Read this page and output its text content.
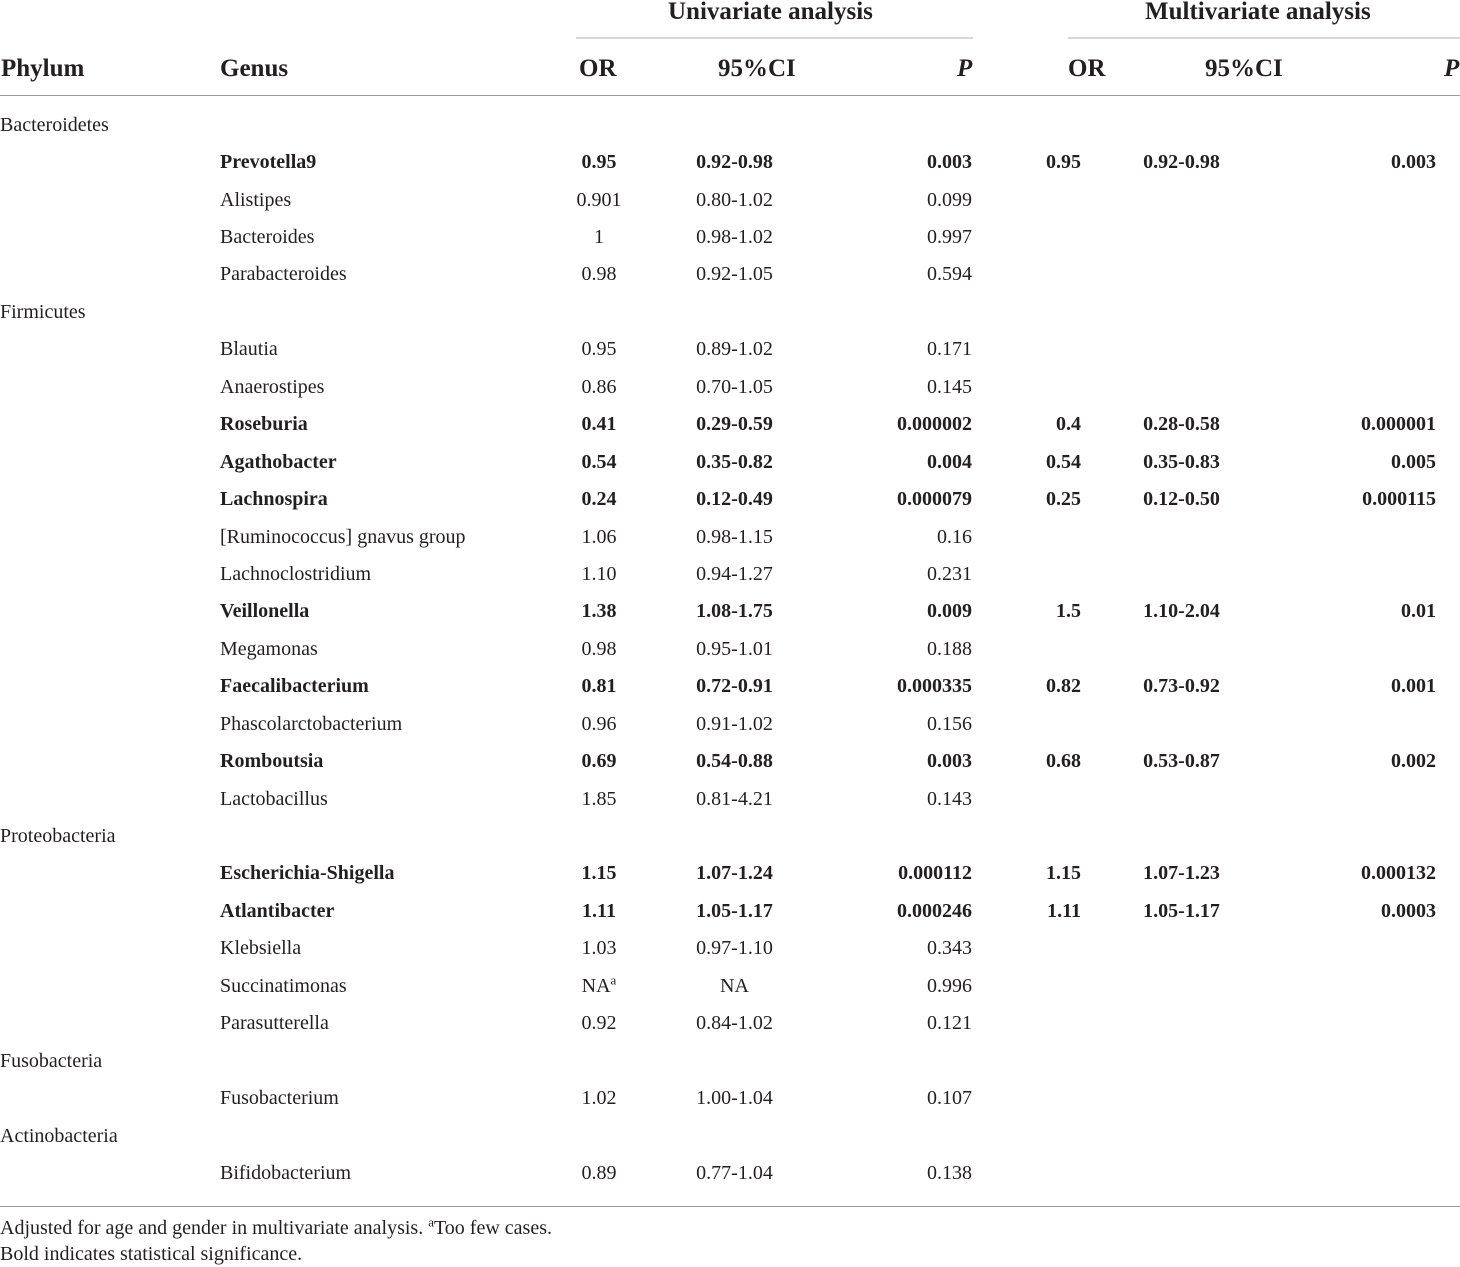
Univariate analysis	Multivariate analysis
Phylum	Genus	OR	95%CI	P	OR	95%CI	P
Bacteroidetes							
	Prevotella9	0.95	0.92-0.98	0.003	0.95	0.92-0.98	0.003
	Alistipes	0.901	0.80-1.02	0.099			
	Bacteroides	1	0.98-1.02	0.997			
	Parabacteroides	0.98	0.92-1.05	0.594			
Firmicutes							
	Blautia	0.95	0.89-1.02	0.171			
	Anaerostipes	0.86	0.70-1.05	0.145			
	Roseburia	0.41	0.29-0.59	0.000002	0.4	0.28-0.58	0.000001
	Agathobacter	0.54	0.35-0.82	0.004	0.54	0.35-0.83	0.005
	Lachnospira	0.24	0.12-0.49	0.000079	0.25	0.12-0.50	0.000115
	[Ruminococcus] gnavus group	1.06	0.98-1.15	0.16			
	Lachnoclostridium	1.10	0.94-1.27	0.231			
	Veillonella	1.38	1.08-1.75	0.009	1.5	1.10-2.04	0.01
	Megamonas	0.98	0.95-1.01	0.188			
	Faecalibacterium	0.81	0.72-0.91	0.000335	0.82	0.73-0.92	0.001
	Phascolarctobacterium	0.96	0.91-1.02	0.156			
	Romboutsia	0.69	0.54-0.88	0.003	0.68	0.53-0.87	0.002
	Lactobacillus	1.85	0.81-4.21	0.143			
Proteobacteria							
	Escherichia-Shigella	1.15	1.07-1.24	0.000112	1.15	1.07-1.23	0.000132
	Atlantibacter	1.11	1.05-1.17	0.000246	1.11	1.05-1.17	0.0003
	Klebsiella	1.03	0.97-1.10	0.343			
	Succinatimonas	$NA^a$	NA	0.996			
	Parasutterella	0.92	0.84-1.02	0.121			
Fusobacteria							
	Fusobacterium	1.02	1.00-1.04	0.107			
Actinobacteria							
	Bifidobacterium	0.89	0.77-1.04	0.138			
Adjusted for age and gender in multivariate analysis. $^a$Too few cases.
Bold indicates statistical significance.
